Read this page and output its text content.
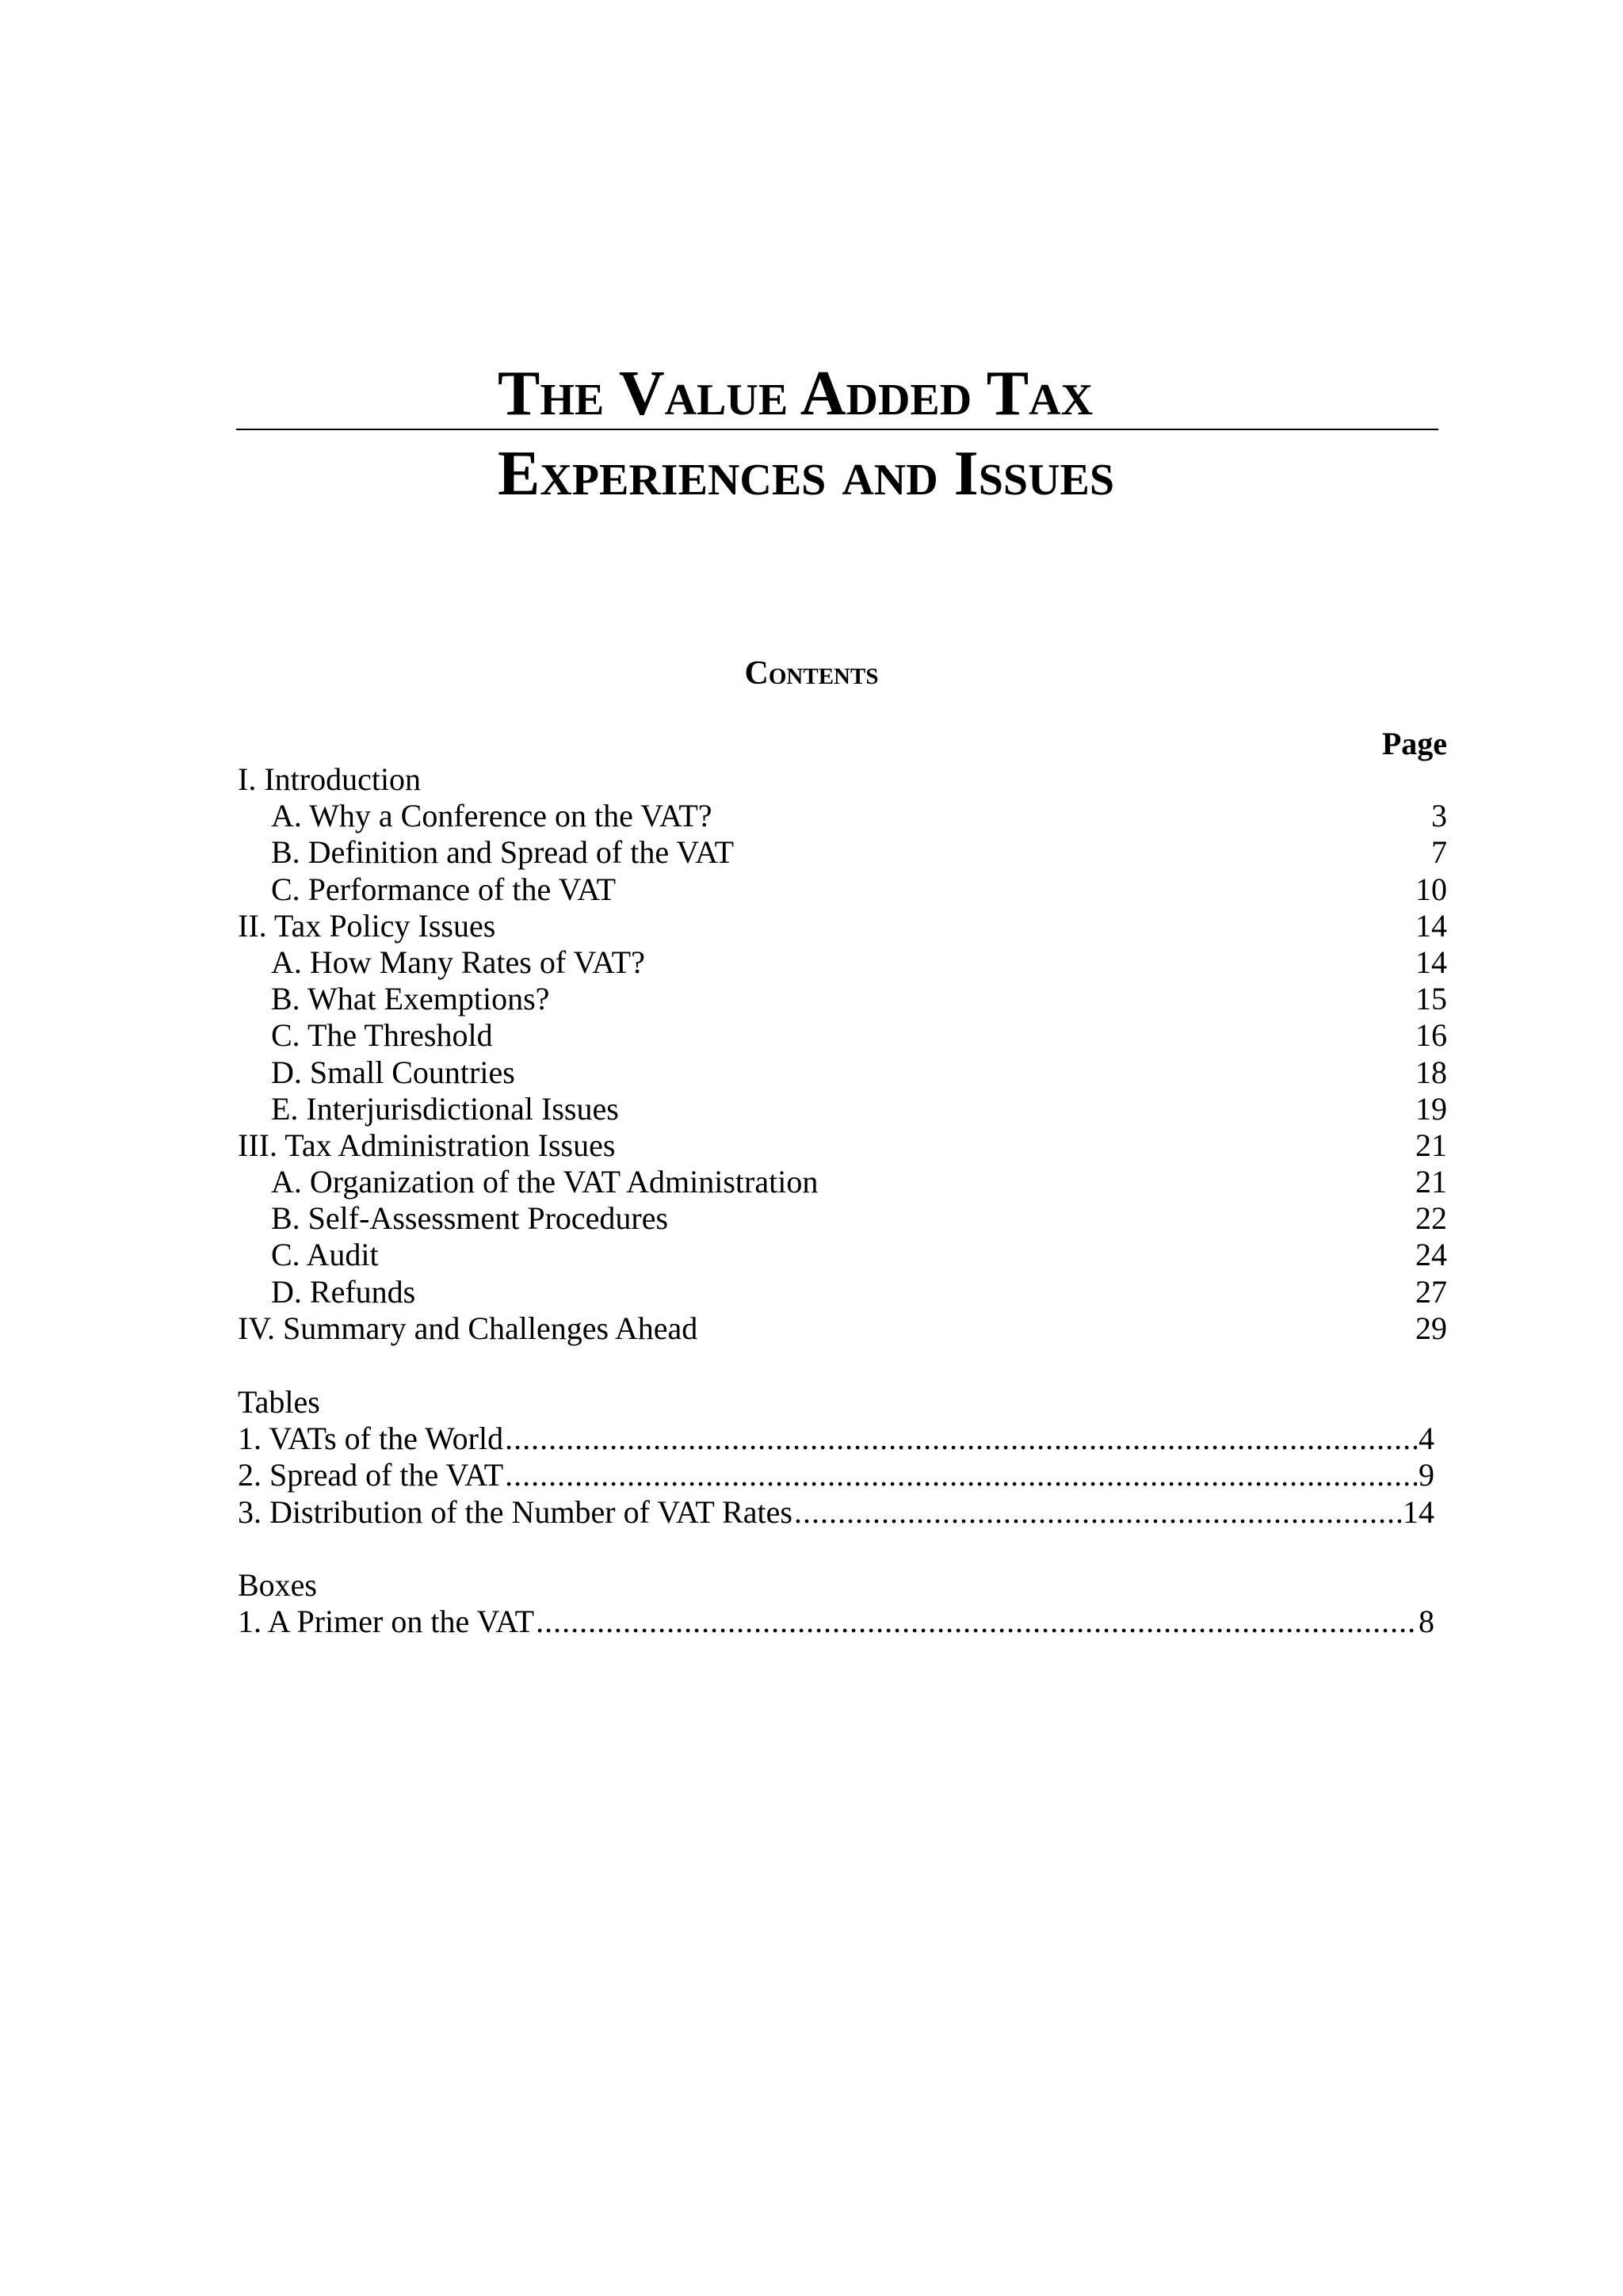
The Value Added Tax
Experiences and Issues
Contents
Page
I. Introduction
A. Why a Conference on the VAT?	3
B. Definition and Spread of the VAT	7
C. Performance of the VAT	10
II. Tax Policy Issues	14
A. How Many Rates of VAT?	14
B. What Exemptions?	15
C. The Threshold	16
D. Small Countries	18
E. Interjurisdictional Issues	19
III. Tax Administration Issues	21
A. Organization of the VAT Administration	21
B. Self-Assessment Procedures	22
C. Audit	24
D. Refunds	27
IV. Summary and Challenges Ahead	29
Tables
1. VATs of the World .....	4
2. Spread of the VAT .....	9
3. Distribution of the Number of VAT Rates .....	14
Boxes
1. A Primer on the VAT .....	8
